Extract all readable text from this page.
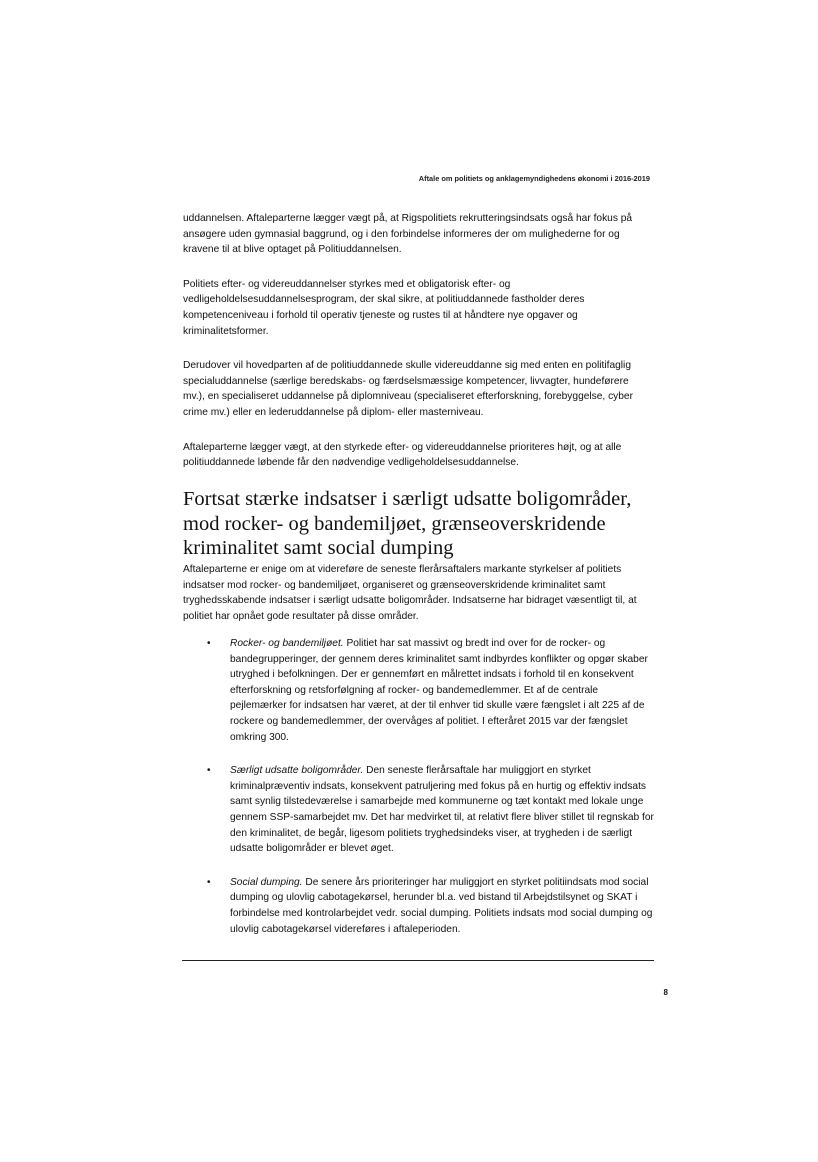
Aftale om politiets og anklagemyndighedens økonomi i 2016-2019

uddannelsen. Aftaleparterne lægger vægt på, at Rigspolitiets rekrutteringsindsats også har fokus på ansøgere uden gymnasial baggrund, og i den forbindelse informeres der om mulighederne for og kravene til at blive optaget på Politiuddannelsen.

Politiets efter- og videreuddannelser styrkes med et obligatorisk efter- og vedligeholdelsesuddannelsesprogram, der skal sikre, at politiuddannede fastholder deres kompetenceniveau i forhold til operativ tjeneste og rustes til at håndtere nye opgaver og kriminalitetsformer.

Derudover vil hovedparten af de politiuddannede skulle videreuddanne sig med enten en politifaglig specialuddannelse (særlige beredskabs- og færdselsmæssige kompetencer, livvagter, hundeførere mv.), en specialiseret uddannelse på diplomniveau (specialiseret efterforskning, forebyggelse, cyber crime mv.) eller en lederuddannelse på diplom- eller masterniveau.

Aftaleparterne lægger vægt, at den styrkede efter- og videreuddannelse prioriteres højt, og at alle politiuddannede løbende får den nødvendige vedligeholdelsesuddannelse.

Fortsat stærke indsatser i særligt udsatte boligområder, mod rocker- og bandemiljøet, grænseoverskridende kriminalitet samt social dumping
Aftaleparterne er enige om at videreføre de seneste flerårsaftalers markante styrkelser af politiets indsatser mod rocker- og bandemiljøet, organiseret og grænseoverskridende kriminalitet samt tryghedsskabende indsatser i særligt udsatte boligområder. Indsatserne har bidraget væsentligt til, at politiet har opnået gode resultater på disse områder.
• Rocker- og bandemiljøet. Politiet har sat massivt og bredt ind over for de rocker- og bandegrupperinger, der gennem deres kriminalitet samt indbyrdes konflikter og opgør skaber utryghed i befolkningen. Der er gennemført en målrettet indsats i forhold til en konsekvent efterforskning og retsforfølgning af rocker- og bandemedlemmer. Et af de centrale pejlemærker for indsatsen har været, at der til enhver tid skulle være fængslet i alt 225 af de rockere og bandemedlemmer, der overvåges af politiet. I efteråret 2015 var der fængslet omkring 300.
• Særligt udsatte boligområder. Den seneste flerårsaftale har muliggjort en styrket kriminalpræventiv indsats, konsekvent patruljering med fokus på en hurtig og effektiv indsats samt synlig tilstedeværelse i samarbejde med kommunerne og tæt kontakt med lokale unge gennem SSP-samarbejdet mv. Det har medvirket til, at relativt flere bliver stillet til regnskab for den kriminalitet, de begår, ligesom politiets tryghedsindeks viser, at trygheden i de særligt udsatte boligområder er blevet øget.
• Social dumping. De senere års prioriteringer har muliggjort en styrket politiindsats mod social dumping og ulovlig cabotagekørsel, herunder bl.a. ved bistand til Arbejdstilsynet og SKAT i forbindelse med kontrolarbejdet vedr. social dumping. Politiets indsats mod social dumping og ulovlig cabotagekørsel videreføres i aftaleperioden.
8
